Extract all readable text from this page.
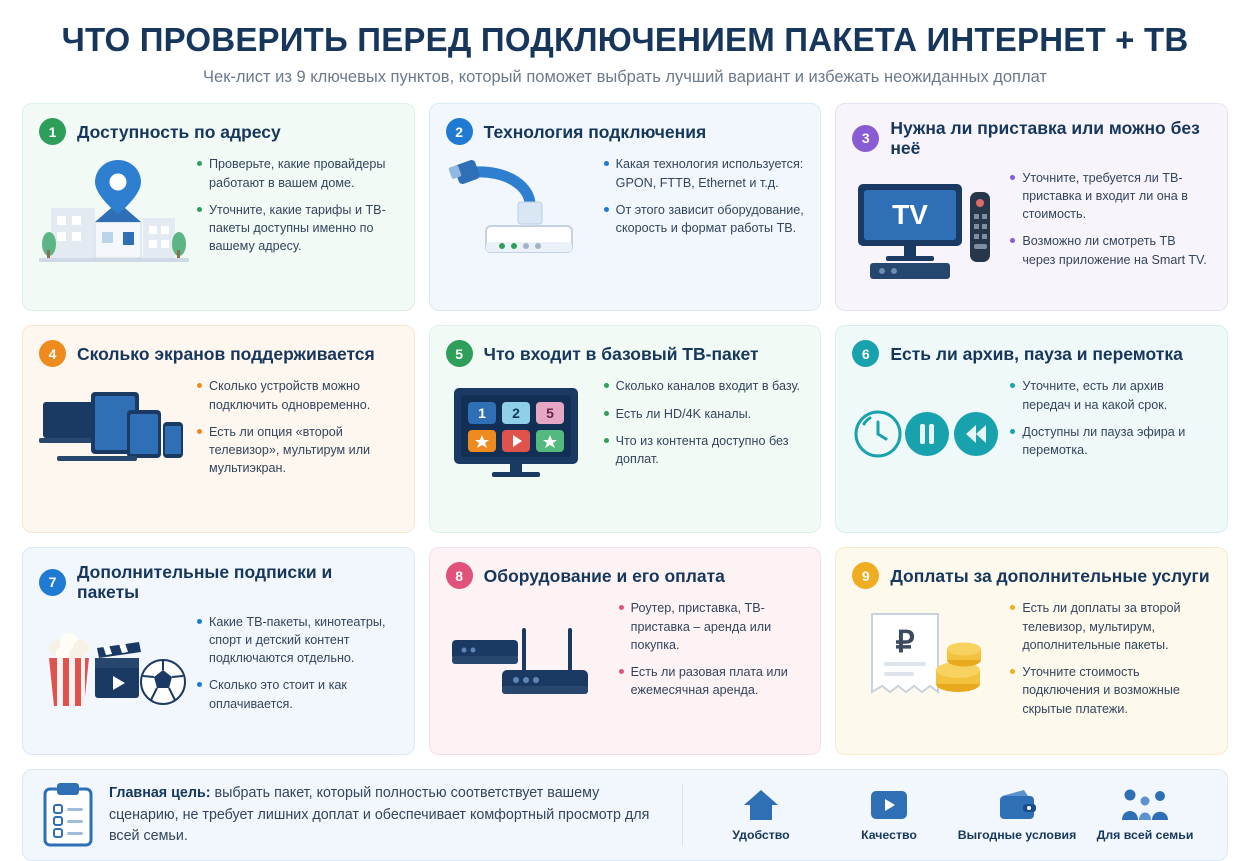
ЧТО ПРОВЕРИТЬ ПЕРЕД ПОДКЛЮЧЕНИЕМ ПАКЕТА ИНТЕРНЕТ + ТВ
Чек-лист из 9 ключевых пунктов, который поможет выбрать лучший вариант и избежать неожиданных доплат
1	Доступность по адресу
Проверьте, какие провайдеры работают в вашем доме.
Уточните, какие тарифы и ТВ-пакеты доступны именно по вашему адресу.
2	Технология подключения
Какая технология используется: GPON, FTTB, Ethernet и т.д.
От этого зависит оборудование, скорость и формат работы ТВ.
3
Нужна ли приставка или можно без неё
TV
Уточните, требуется ли ТВ-приставка и входит ли она в стоимость.
Возможно ли смотреть ТВ через приложение на Smart TV.
4	Сколько экранов поддерживается
Сколько устройств можно подключить одновременно.
Есть ли опция «второй телевизор», мультирум или мультиэкран.
5	Что входит в базовый ТВ-пакет
1 2 5
Сколько каналов входит в базу.
Есть ли HD/4K каналы.
Что из контента доступно без доплат.
6	Есть ли архив, пауза и перемотка
Уточните, есть ли архив передач и на какой срок.
Доступны ли пауза эфира и перемотка.
7
Дополнительные подписки и пакеты
Какие ТВ-пакеты, кинотеатры, спорт и детский контент подключаются отдельно.
Сколько это стоит и как оплачивается.
8	Оборудование и его оплата
Роутер, приставка, ТВ-приставка – аренда или покупка.
Есть ли разовая плата или ежемесячная аренда.
9	Доплаты за дополнительные услуги
₽
Есть ли доплаты за второй телевизор, мультирум, дополнительные пакеты.
Уточните стоимость подключения и возможные скрытые платежи.
Главная цель: выбрать пакет, который полностью соответствует вашему сценарию, не требует лишних доплат и обеспечивает комфортный просмотр для всей семьи.	Удобство	Качество	Выгодные условия	Для всей семьи
